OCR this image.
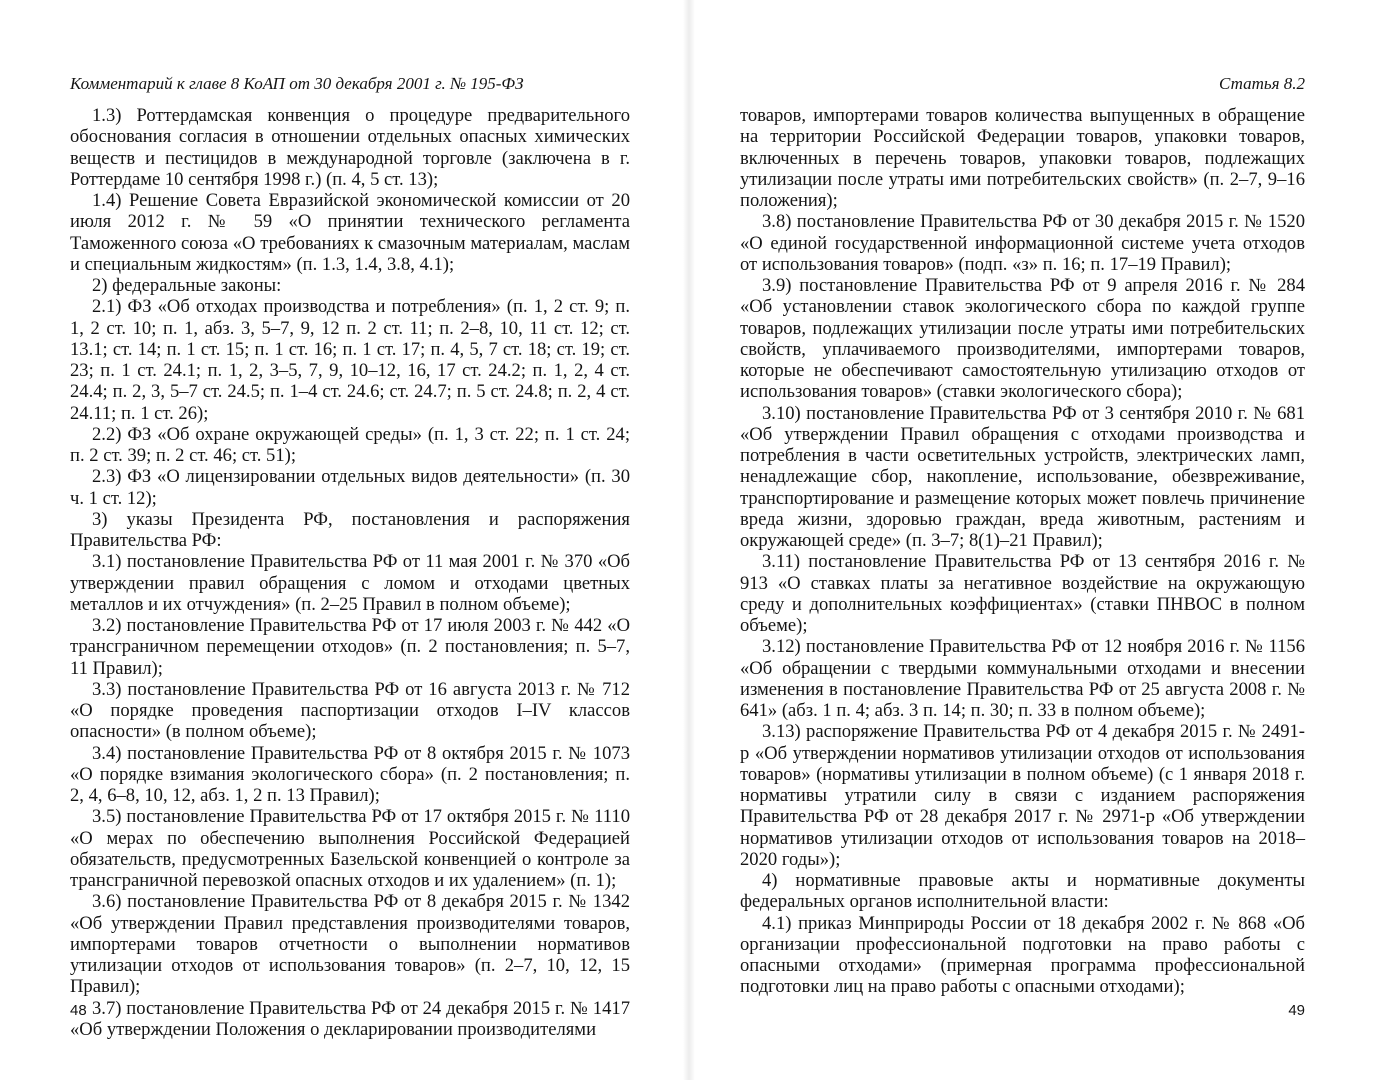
Комментарий к главе 8 КоАП от 30 декабря 2001 г. № 195-ФЗ

1.3) Роттердамская конвенция о процедуре предварительного обоснования согласия в отношении отдельных опасных химических веществ и пестицидов в международной торговле (заключена в г. Роттердаме 10 сентября 1998 г.) (п. 4, 5 ст. 13);

1.4) Решение Совета Евразийской экономической комиссии от 20 июля 2012 г. № 59 «О принятии технического регламента Таможенного союза «О требованиях к смазочным материалам, маслам и специальным жидкостям» (п. 1.3, 1.4, 3.8, 4.1);

2) федеральные законы:

2.1) ФЗ «Об отходах производства и потребления» (п. 1, 2 ст. 9; п. 1, 2 ст. 10; п. 1, абз. 3, 5–7, 9, 12 п. 2 ст. 11; п. 2–8, 10, 11 ст. 12; ст. 13.1; ст. 14; п. 1 ст. 15; п. 1 ст. 16; п. 1 ст. 17; п. 4, 5, 7 ст. 18; ст. 19; ст. 23; п. 1 ст. 24.1; п. 1, 2, 3–5, 7, 9, 10–12, 16, 17 ст. 24.2; п. 1, 2, 4 ст. 24.4; п. 2, 3, 5–7 ст. 24.5; п. 1–4 ст. 24.6; ст. 24.7; п. 5 ст. 24.8; п. 2, 4 ст. 24.11; п. 1 ст. 26);

2.2) ФЗ «Об охране окружающей среды» (п. 1, 3 ст. 22; п. 1 ст. 24; п. 2 ст. 39; п. 2 ст. 46; ст. 51);

2.3) ФЗ «О лицензировании отдельных видов деятельности» (п. 30 ч. 1 ст. 12);

3) указы Президента РФ, постановления и распоряжения Правительства РФ:

3.1) постановление Правительства РФ от 11 мая 2001 г. № 370 «Об утверждении правил обращения с ломом и отходами цветных металлов и их отчуждения» (п. 2–25 Правил в полном объеме);

3.2) постановление Правительства РФ от 17 июля 2003 г. № 442 «О трансграничном перемещении отходов» (п. 2 постановления; п. 5–7, 11 Правил);

3.3) постановление Правительства РФ от 16 августа 2013 г. № 712 «О порядке проведения паспортизации отходов I–IV классов опасности» (в полном объеме);

3.4) постановление Правительства РФ от 8 октября 2015 г. № 1073 «О порядке взимания экологического сбора» (п. 2 постановления; п. 2, 4, 6–8, 10, 12, абз. 1, 2 п. 13 Правил);

3.5) постановление Правительства РФ от 17 октября 2015 г. № 1110 «О мерах по обеспечению выполнения Российской Федерацией обязательств, предусмотренных Базельской конвенцией о контроле за трансграничной перевозкой опасных отходов и их удалением» (п. 1);

3.6) постановление Правительства РФ от 8 декабря 2015 г. № 1342 «Об утверждении Правил представления производителями товаров, импортерами товаров отчетности о выполнении нормативов утилизации отходов от использования товаров» (п. 2–7, 10, 12, 15 Правил);

3.7) постановление Правительства РФ от 24 декабря 2015 г. № 1417 «Об утверждении Положения о декларировании производителями

48
Статья 8.2

товаров, импортерами товаров количества выпущенных в обращение на территории Российской Федерации товаров, упаковки товаров, включенных в перечень товаров, упаковки товаров, подлежащих утилизации после утраты ими потребительских свойств» (п. 2–7, 9–16 положения);

3.8) постановление Правительства РФ от 30 декабря 2015 г. № 1520 «О единой государственной информационной системе учета отходов от использования товаров» (подп. «з» п. 16; п. 17–19 Правил);

3.9) постановление Правительства РФ от 9 апреля 2016 г. № 284 «Об установлении ставок экологического сбора по каждой группе товаров, подлежащих утилизации после утраты ими потребительских свойств, уплачиваемого производителями, импортерами товаров, которые не обеспечивают самостоятельную утилизацию отходов от использования товаров» (ставки экологического сбора);

3.10) постановление Правительства РФ от 3 сентября 2010 г. № 681 «Об утверждении Правил обращения с отходами производства и потребления в части осветительных устройств, электрических ламп, ненадлежащие сбор, накопление, использование, обезвреживание, транспортирование и размещение которых может повлечь причинение вреда жизни, здоровью граждан, вреда животным, растениям и окружающей среде» (п. 3–7; 8(1)–21 Правил);

3.11) постановление Правительства РФ от 13 сентября 2016 г. № 913 «О ставках платы за негативное воздействие на окружающую среду и дополнительных коэффициентах» (ставки ПНВОС в полном объеме);

3.12) постановление Правительства РФ от 12 ноября 2016 г. № 1156 «Об обращении с твердыми коммунальными отходами и внесении изменения в постановление Правительства РФ от 25 августа 2008 г. № 641» (абз. 1 п. 4; абз. 3 п. 14; п. 30; п. 33 в полном объеме);

3.13) распоряжение Правительства РФ от 4 декабря 2015 г. № 2491-р «Об утверждении нормативов утилизации отходов от использования товаров» (нормативы утилизации в полном объеме) (с 1 января 2018 г. нормативы утратили силу в связи с изданием распоряжения Правительства РФ от 28 декабря 2017 г. № 2971-р «Об утверждении нормативов утилизации отходов от использования товаров на 2018–2020 годы»);

4) нормативные правовые акты и нормативные документы федеральных органов исполнительной власти:

4.1) приказ Минприроды России от 18 декабря 2002 г. № 868 «Об организации профессиональной подготовки на право работы с опасными отходами» (примерная программа профессиональной подготовки лиц на право работы с опасными отходами);

49
